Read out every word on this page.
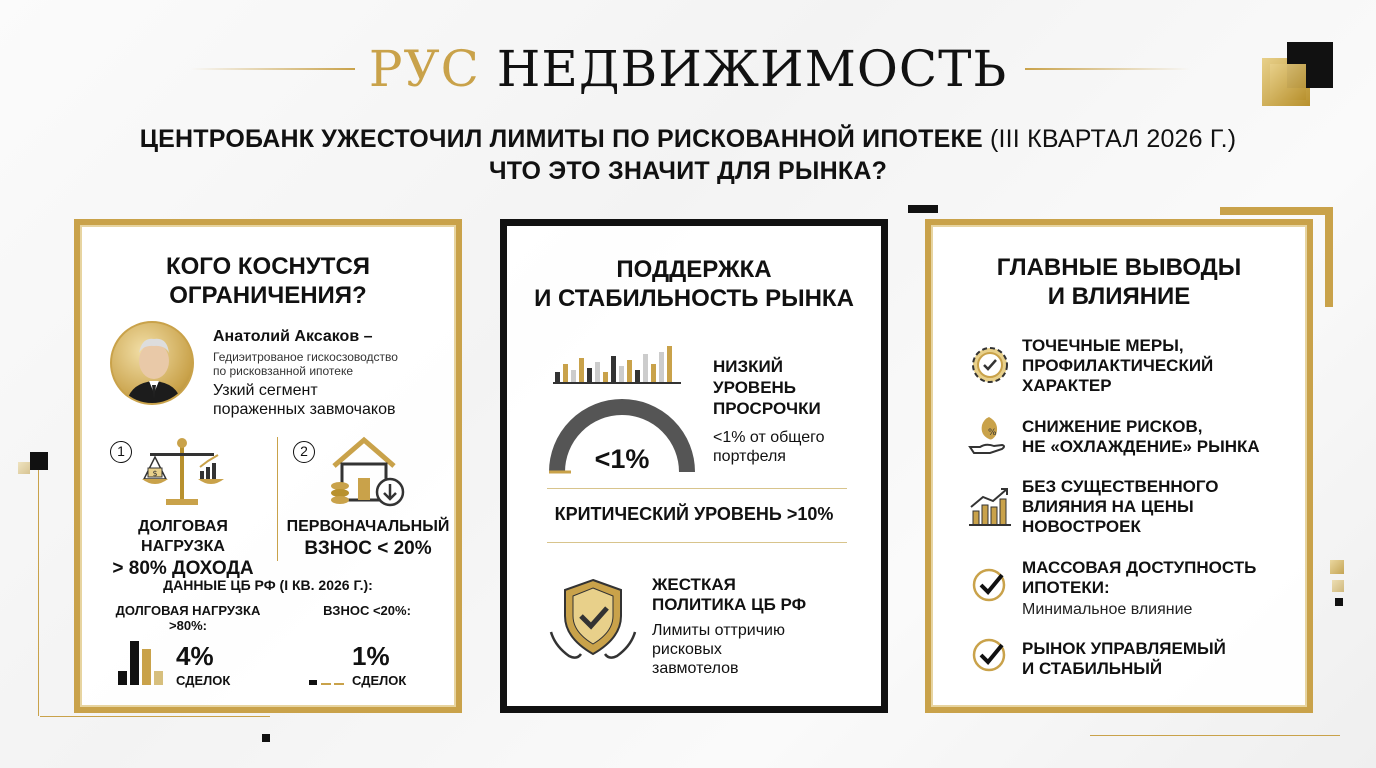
РУС НЕДВИЖИМОСТЬ
ЦЕНТРОБАНК УЖЕСТОЧИЛ ЛИМИТЫ ПО РИСКОВАННОЙ ИПОТЕКЕ (III КВАРТАЛ 2026 Г.)
ЧТО ЭТО ЗНАЧИТ ДЛЯ РЫНКА?
КОГО КОСНУТСЯ
ОГРАНИЧЕНИЯ?
Анатолий Аксаков –
Гедиэитрованое гискосзоводство
по рисковзанной ипотеке
Узкий сегмент
пораженных завмочаков
1
$
2
ДОЛГОВАЯ НАГРУЗКА
> 80% ДОХОДА
ПЕРВОНАЧАЛЬНЫЙ
ВЗНОС < 20%
ДАННЫЕ ЦБ РФ (I КВ. 2026 Г.):
ДОЛГОВАЯ НАГРУЗКА
>80%:
ВЗНОС <20%:
4%
СДЕЛОК
1%
СДЕЛОК
ПОДДЕРЖКА
И СТАБИЛЬНОСТЬ РЫНКА
<1%
НИЗКИЙ
УРОВЕНЬ
ПРОСРОЧКИ
<1% от общего
портфеля
КРИТИЧЕСКИЙ УРОВЕНЬ >10%
ЖЕСТКАЯ
ПОЛИТИКА ЦБ РФ
Лимиты оттричию
рисковых
завмотелов
ГЛАВНЫЕ ВЫВОДЫ
И ВЛИЯНИЕ
ТОЧЕЧНЫЕ МЕРЫ,
ПРОФИЛАКТИЧЕСКИЙ
ХАРАКТЕР
% СНИЖЕНИЕ РИСКОВ,
НЕ «ОХЛАЖДЕНИЕ» РЫНКА
БЕЗ СУЩЕСТВЕННОГО
ВЛИЯНИЯ НА ЦЕНЫ
НОВОСТРОЕК
МАССОВАЯ ДОСТУПНОСТЬ
ИПОТЕКИ:
Минимальное влияние
РЫНОК УПРАВЛЯЕМЫЙ
И СТАБИЛЬНЫЙ
